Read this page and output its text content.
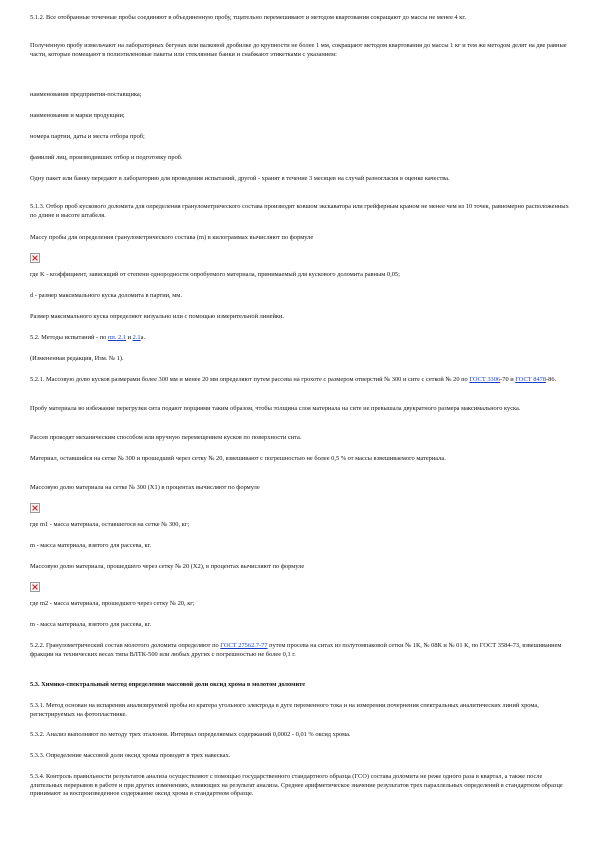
5.1.2. Все отобранные точечные пробы соединяют в объединенную пробу, тщательно перемешивают и методом квартования сокращают до массы не менее 4 кг.

Полученную пробу измельчают на лабораторных бегунах или валковой дробилке до крупности не более 1 мм, сокращают методом квартования до массы 1 кг и тем же методом делят на две равные части, которые помещают в полиэтиленовые пакеты или стеклянные банки и снабжают этикетками с указанием:

наименования предприятия-поставщика;

наименования и марки продукции;

номера партии, даты и места отбора проб;

фамилий лиц, производивших отбор и подготовку проб.

Одну пакет или банку передают в лабораторию для проведения испытаний, другой - хранят в течение 3 месяцев на случай разногласия в оценке качества.

5.1.3. Отбор проб кускового доломита для определения гранулометрического состава производят ковшом экскаватора или грейферным краном не менее чем из 10 точек, равномерно расположенных по длине и высоте штабеля.

Массу пробы для определения гранулометрического состава (m) в килограммах вычисляют по формуле

где K - коэффициент, зависящий от степени однородности опробуемого материала, принимаемый для кускового доломита равным 0,05;

d - размер максимального куска доломита в партии, мм.

Размер максимального куска определяют визуально или с помощью измерительной линейки.

5.2. Методы испытаний - по пп. 2.1 и 2.1а.

(Измененная редакция, Изм. № 1).

5.2.1. Массовую долю кусков размерами более 300 мм и менее 20 мм определяют путем рассева на грохоте с размером отверстий № 300 и сите с сеткой № 20 по ГОСТ 3306-70 и ГОСТ 8478-86.

Пробу материала во избежание перегрузки сита подают порциями таким образом, чтобы толщина слоя материала на сите не превышала двукратного размера максимального куска.

Рассев проводят механическим способом или вручную перемещением кусков по поверхности сита.

Материал, оставшийся на сетке № 300 и прошедший через сетку № 20, взвешивают с погрешностью не более 0,5 % от массы взвешиваемого материала.

Массовую долю материала на сетке № 300 (X1) в процентах вычисляют по формуле

где m1 - масса материала, оставшегося на сетке № 300, кг;

m - масса материала, взятого для рассева, кг.

Массовую долю материала, прошедшего через сетку № 20 (X2), в процентах вычисляют по формуле

где m2 - масса материала, прошедшего через сетку № 20, кг;

m - масса материала, взятого для рассева, кг.

5.2.2. Гранулометрический состав молотого доломита определяют по ГОСТ 27562.7-77 путем просева на ситах из полутомпаковой сетки № 1К, № 08К и № 01 К, по ГОСТ 3584-73, взвешиванием фракции на технических весах типа ВЛТК-500 или любых других с погрешностью не более 0,1 г.

5.3. Химико-спектральный метод определения массовой доли оксид хрома в молотом доломите

5.3.1. Метод основан на испарении анализируемой пробы из кратера угольного электрода в дуге переменного тока и на измерении почернения спектральных аналитических линий хрома, регистрируемых на фотопластинке.

5.3.2. Анализ выполняют по методу трех эталонов. Интервал определяемых содержаний 0,0002 - 0,01 % оксид хрома.

5.3.3. Определение массовой доли оксид хрома проводят в трех навесках.

5.3.4. Контроль правильности результатов анализа осуществляют с помощью государственного стандартного образца (ГСО) состава доломита не реже одного раза в квартал, а также после длительных перерывов в работе и при других изменениях, влияющих на результат анализа. Среднее арифметическое значение результатов трех параллельных определений в стандартном образце принимают за воспроизведенное содержание оксид хрома в стандартном образце.
